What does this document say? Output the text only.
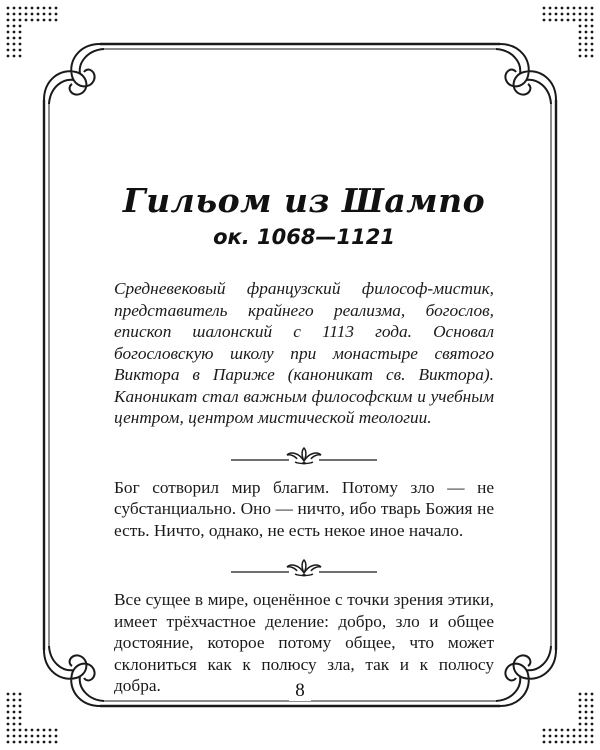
Гильом из Шампо
ок. 1068—1121
Средневековый французский философ-мистик, представитель крайнего реализма, богослов, епископ шалонский с 1113 года. Основал богословскую школу при монастыре святого Виктора в Париже (каноникат св. Виктора). Каноникат стал важным философским и учебным центром, центром мистической теологии.
Бог сотворил мир благим. Потому зло — не субстанциально. Оно — ничто, ибо тварь Божия не есть. Ничто, однако, не есть некое иное начало.
Все сущее в мире, оценённое с точки зрения этики, имеет трёхчастное деление: добро, зло и общее достояние, которое потому общее, что может склониться как к полюсу зла, так и к полюсу добра.	8
